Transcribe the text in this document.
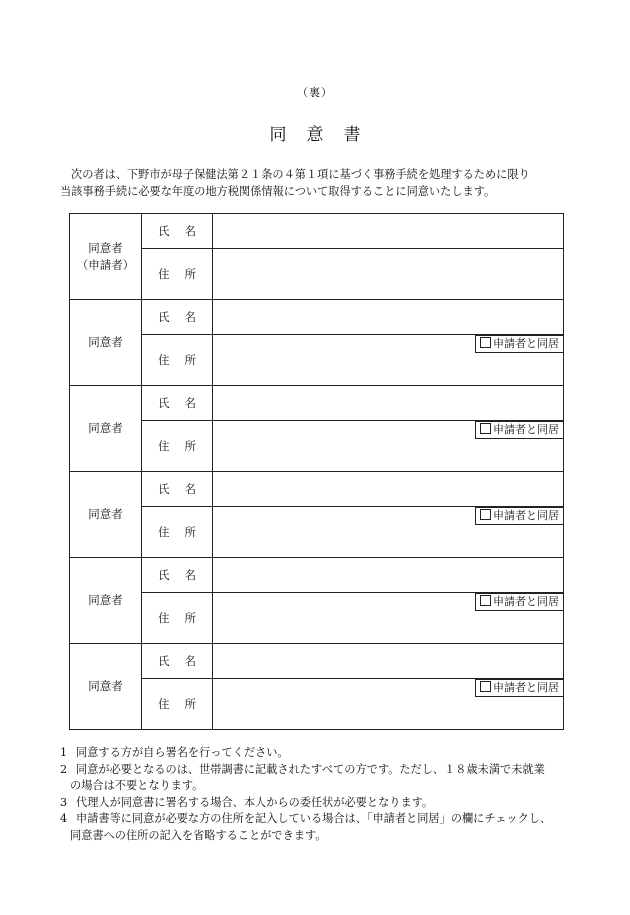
（裏）
同意書
次の者は、下野市が母子保健法第２１条の４第１項に基づく事務手続を処理するために限り
当該事務手続に必要な年度の地方税関係情報について取得することに同意いたします。
同意者
（申請者）	氏名	
	住所	
同意者	氏名	
	住所	申請者と同居

同意者	氏名	
	住所	申請者と同居

同意者	氏名	
	住所	申請者と同居

同意者	氏名	
	住所	申請者と同居

同意者	氏名	
	住所	申請者と同居
1 同意する方が自ら署名を行ってください。
2 同意が必要となるのは、世帯調書に記載されたすべての方です。ただし、１８歳未満で未就業
の場合は不要となります。
3 代理人が同意書に署名する場合、本人からの委任状が必要となります。
4 申請書等に同意が必要な方の住所を記入している場合は、「申請者と同居」の欄にチェックし、
同意書への住所の記入を省略することができます。
